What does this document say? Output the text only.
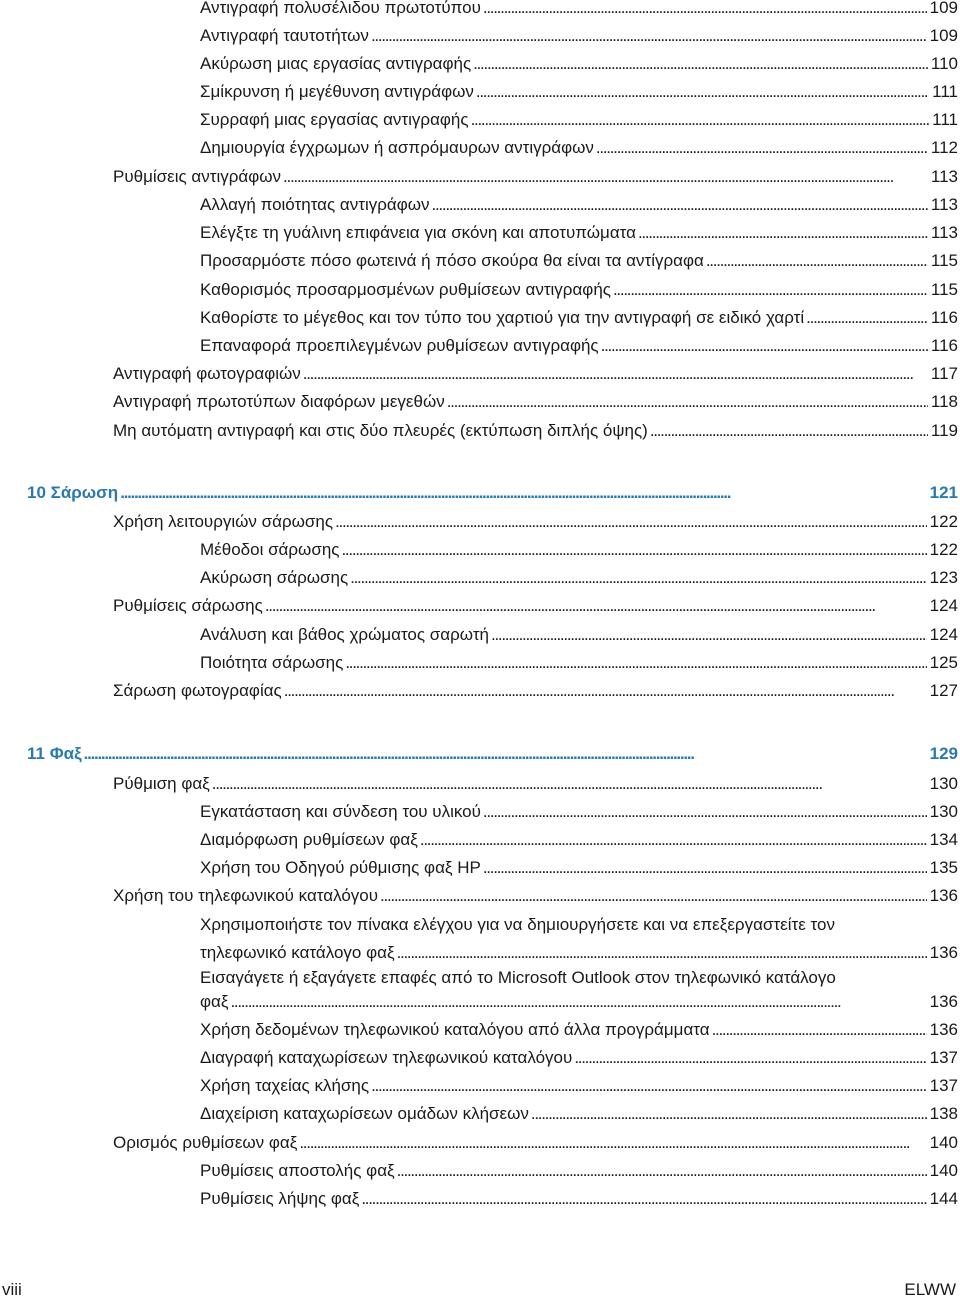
Αντιγραφή πολυσέλιδου πρωτοτύπου . . .	109
Αντιγραφή ταυτοτήτων . . .	109
Ακύρωση μιας εργασίας αντιγραφής . . .	110
Σμίκρυνση ή μεγέθυνση αντιγράφων . . .	111
Συρραφή μιας εργασίας αντιγραφής . . .	111
Δημιουργία έγχρωμων ή ασπρόμαυρων αντιγράφων . . .	112
Ρυθμίσεις αντιγράφων . . .	113
Αλλαγή ποιότητας αντιγράφων . . .	113
Ελέγξτε τη γυάλινη επιφάνεια για σκόνη και αποτυπώματα . . .	113
Προσαρμόστε πόσο φωτεινά ή πόσο σκούρα θα είναι τα αντίγραφα . . .	115
Καθορισμός προσαρμοσμένων ρυθμίσεων αντιγραφής . . .	115
Καθορίστε το μέγεθος και τον τύπο του χαρτιού για την αντιγραφή σε ειδικό χαρτί . . .	116
Επαναφορά προεπιλεγμένων ρυθμίσεων αντιγραφής . . .	116
Αντιγραφή φωτογραφιών . . .	117
Αντιγραφή πρωτοτύπων διαφόρων μεγεθών . . .	118
Μη αυτόματη αντιγραφή και στις δύο πλευρές (εκτύπωση διπλής όψης) . . .	119
10 Σάρωση . . .	121
Χρήση λειτουργιών σάρωσης . . .	122
Μέθοδοι σάρωσης . . .	122
Ακύρωση σάρωσης . . .	123
Ρυθμίσεις σάρωσης . . .	124
Ανάλυση και βάθος χρώματος σαρωτή . . .	124
Ποιότητα σάρωσης . . .	125
Σάρωση φωτογραφίας . . .	127
11 Φαξ . . .	129
Ρύθμιση φαξ . . .	130
Εγκατάσταση και σύνδεση του υλικού . . .	130
Διαμόρφωση ρυθμίσεων φαξ . . .	134
Χρήση του Οδηγού ρύθμισης φαξ HP . . .	135
Χρήση του τηλεφωνικού καταλόγου . . .	136
Χρησιμοποιήστε τον πίνακα ελέγχου για να δημιουργήσετε και να επεξεργαστείτε τον
τηλεφωνικό κατάλογο φαξ . . .	136
Εισαγάγετε ή εξαγάγετε επαφές από το Microsoft Outlook στον τηλεφωνικό κατάλογο
φαξ . . .	136
Χρήση δεδομένων τηλεφωνικού καταλόγου από άλλα προγράμματα . . .	136
Διαγραφή καταχωρίσεων τηλεφωνικού καταλόγου . . .	137
Χρήση ταχείας κλήσης . . .	137
Διαχείριση καταχωρίσεων ομάδων κλήσεων . . .	138
Ορισμός ρυθμίσεων φαξ . . .	140
Ρυθμίσεις αποστολής φαξ . . .	140
Ρυθμίσεις λήψης φαξ . . .	144
viii	ELWW
